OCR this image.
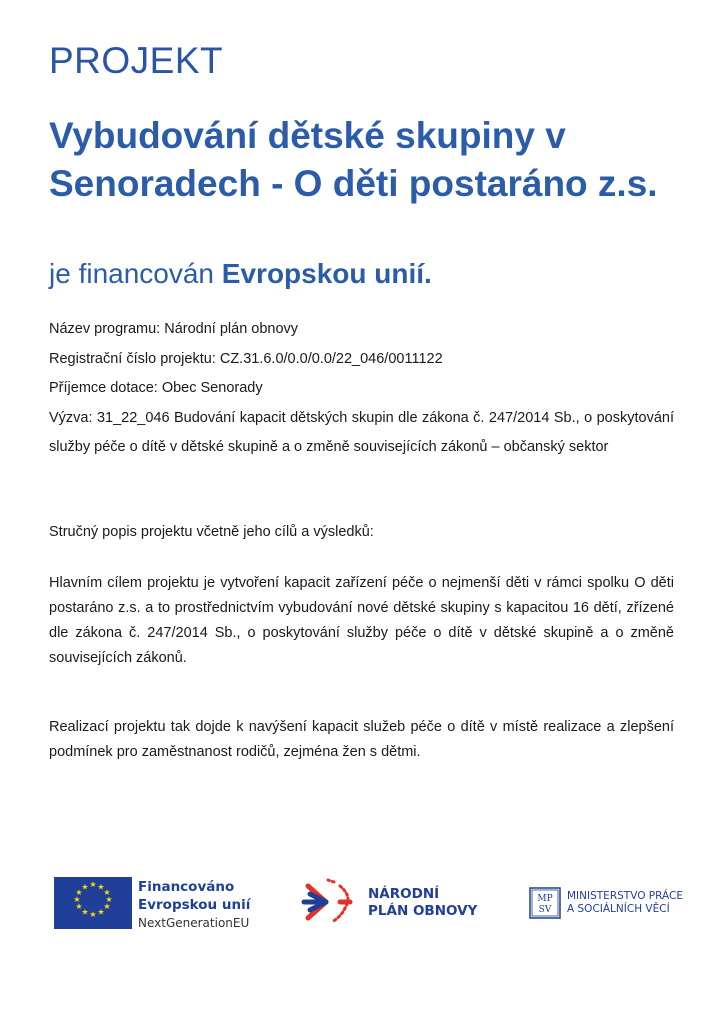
PROJEKT
Vybudování dětské skupiny v Senoradech - O děti postaráno z.s.

je financován Evropskou unií.

Název programu: Národní plán obnovy

Registrační číslo projektu: CZ.31.6.0/0.0/0.0/22_046/0011122

Příjemce dotace: Obec Senorady

Výzva: 31_22_046 Budování kapacit dětských skupin dle zákona č. 247/2014 Sb., o poskytování služby péče o dítě v dětské skupině a o změně souvisejících zákonů – občanský sektor

Stručný popis projektu včetně jeho cílů a výsledků:

Hlavním cílem projektu je vytvoření kapacit zařízení péče o nejmenší děti v rámci spolku O děti postaráno z.s. a to prostřednictvím vybudování nové dětské skupiny s kapacitou 16 dětí, zřízené dle zákona č. 247/2014 Sb., o poskytování služby péče o dítě v dětské skupině a o změně souvisejících zákonů.

Realizací projektu tak dojde k navýšení kapacit služeb péče o dítě v místě realizace a zlepšení podmínek pro zaměstnanost rodičů, zejména žen s dětmi.

★ ★
★
★
★
★
★
★
★
★
★
★	Financováno
Evropskou unií
NextGenerationEU
NÁRODNÍ
PLÁN OBNOVY
MP
SV
MINISTERSTVO PRÁCE
A SOCIÁLNÍCH VĚCÍ
